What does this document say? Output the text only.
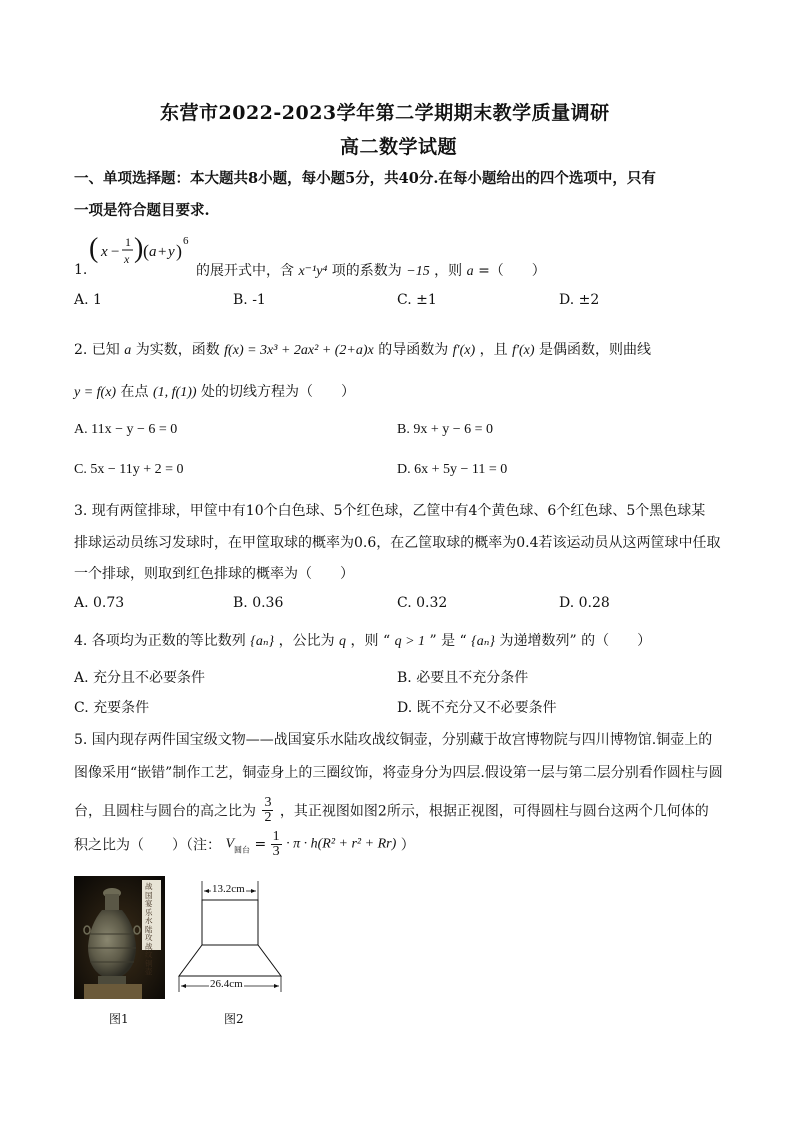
东营市2022-2023学年第二学期期末教学质量调研
高二数学试题
一、单项选择题：本大题共8小题，每小题5分，共40分.在每小题给出的四个选项中，只有
一项是符合题目要求.
1.
( x −
1
x ) ( a + y ) 6
的展开式中，含 x⁻¹y⁴ 项的系数为 −15 ，则 a =（　　）
A. 1	B. -1	C. ±1	D. ±2
2. 已知 a 为实数，函数 f(x) = 3x³ + 2ax² + (2+a)x 的导函数为 f′(x) ，且 f′(x) 是偶函数，则曲线
y = f(x) 在点 (1, f(1)) 处的切线方程为（　　）
A. 11x − y − 6 = 0	B. 9x + y − 6 = 0
C. 5x − 11y + 2 = 0	D. 6x + 5y − 11 = 0
3. 现有两筐排球，甲筐中有10个白色球、5个红色球，乙筐中有4个黄色球、6个红色球、5个黑色球某
排球运动员练习发球时，在甲筐取球的概率为0.6，在乙筐取球的概率为0.4若该运动员从这两筐球中任取
一个排球，则取到红色排球的概率为（　　）
A. 0.73	B. 0.36	C. 0.32	D. 0.28
4. 各项均为正数的等比数列 {aₙ} ，公比为 q ，则 “ q > 1 ” 是 “ {aₙ} 为递增数列” 的（　　）
A. 充分且不必要条件	B. 必要且不充分条件
C. 充要条件	D. 既不充分又不必要条件
5. 国内现存两件国宝级文物——战国宴乐水陆攻战纹铜壶，分别藏于故宫博物院与四川博物馆.铜壶上的
图像采用“嵌错”制作工艺，铜壶身上的三圈纹饰，将壶身分为四层.假设第一层与第二层分别看作圆柱与圆
台，且圆柱与圆台的高之比为 $\frac{3}{2}$ ，其正视图如图2所示，根据正视图，可得圆柱与圆台这两个几何体的
积之比为（　　）（注： $V_{圆台} = \frac{1}{3} \cdot \pi \cdot h(R^2 + r^2 + Rr)$ ）
战国宴乐水陆攻战纹铜壶
图1
13.2cm
26.4cm
图2
